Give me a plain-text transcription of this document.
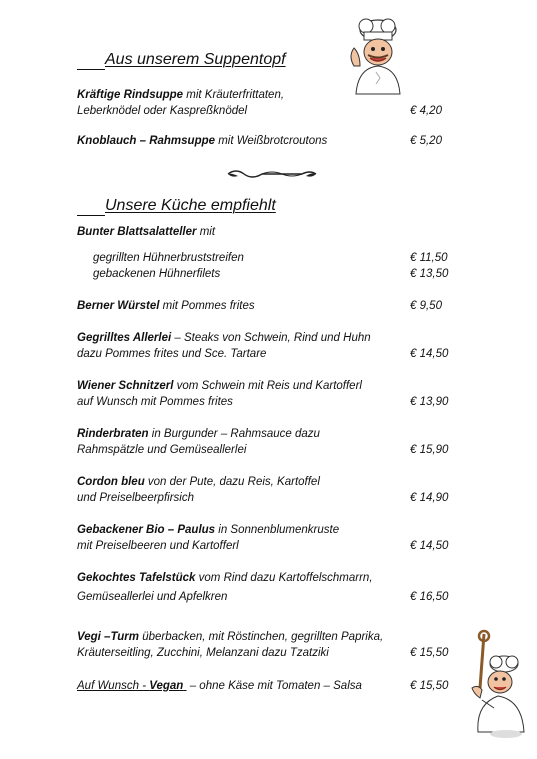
Aus unserem Suppentopf
Kräftige Rindsuppe mit Kräuterfrittaten,
Leberknödel oder Kaspreßknödel	€ 4,20
Knoblauch – Rahmsuppe mit Weißbrotcroutons	€ 5,20
Unsere Küche empfiehlt
Bunter Blattsalatteller mit
gegrillten Hühnerbruststreifen	€ 11,50
gebackenen Hühnerfilets	€ 13,50
Berner Würstel mit Pommes frites	€ 9,50
Gegrilltes Allerlei – Steaks von Schwein, Rind und Huhn
dazu Pommes frites und Sce. Tartare	€ 14,50
Wiener Schnitzerl vom Schwein mit Reis und Kartofferl
auf Wunsch mit Pommes frites	€ 13,90
Rinderbraten in Burgunder – Rahmsauce dazu
Rahmspätzle und Gemüseallerlei	€ 15,90
Cordon bleu von der Pute, dazu Reis, Kartoffel
und Preiselbeerpfirsich	€ 14,90
Gebackener Bio – Paulus in Sonnenblumenkruste
mit Preiselbeeren und Kartofferl	€ 14,50
Gekochtes Tafelstück vom Rind dazu Kartoffelschmarrn,
Gemüseallerlei und Apfelkren	€ 16,50
Vegi –Turm überbacken, mit Röstinchen, gegrillten Paprika,
Kräuterseitling, Zucchini, Melanzani dazu Tzatziki	€ 15,50
Auf Wunsch - Vegan  – ohne Käse mit Tomaten – Salsa	€ 15,50
